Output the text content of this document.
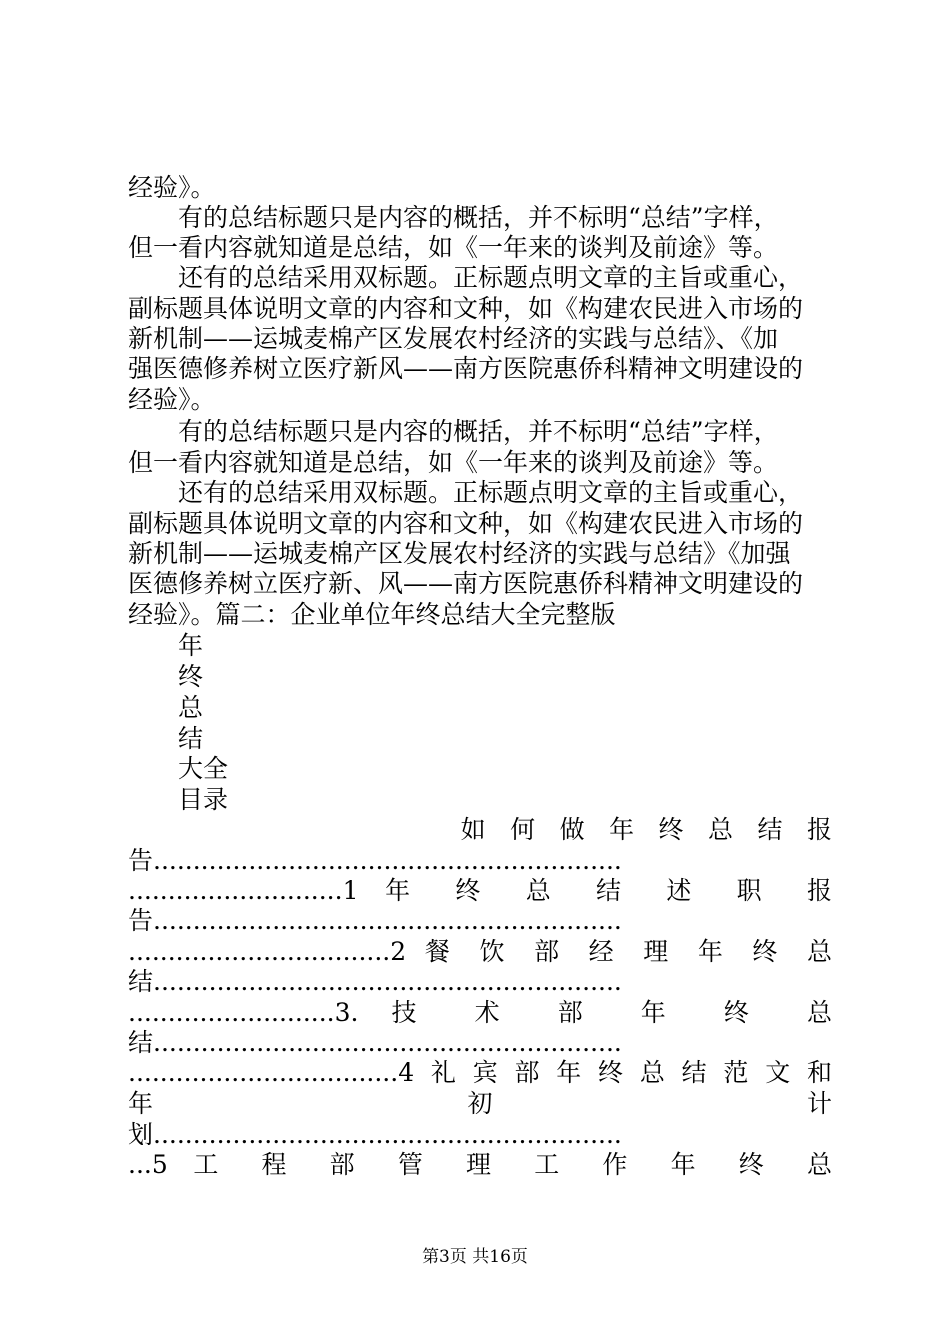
经验》。
　　有的总结标题只是内容的概括，并不标明“总结”字样，
但一看内容就知道是总结，如《一年来的谈判及前途》等。
　　还有的总结采用双标题。正标题点明文章的主旨或重心，
副标题具体说明文章的内容和文种，如《构建农民进入市场的
新机制——运城麦棉产区发展农村经济的实践与总结》、《加
强医德修养树立医疗新风——南方医院惠侨科精神文明建设的
经验》。
　　有的总结标题只是内容的概括，并不标明“总结”字样，
但一看内容就知道是总结，如《一年来的谈判及前途》等。
　　还有的总结采用双标题。正标题点明文章的主旨或重心，
副标题具体说明文章的内容和文种，如《构建农民进入市场的
新机制——运城麦棉产区发展农村经济的实践与总结》《加强
医德修养树立医疗新、风——南方医院惠侨科精神文明建设的
经验》。篇二：企业单位年终总结大全完整版
　　年
　　终
　　总
　　结
　　大全
　　目录
　　　　　　　　　　如 何 做 年 终 总 结 报
告...........................................................
...........................1 年 终 总 结 述 职 报
告...........................................................
.................................2 餐 饮 部 经 理 年 终 总
结...........................................................
..........................3. 技 术 部 年 终 总
结...........................................................
..................................4礼宾部年终总结范文和
年 初 计
划...........................................................
...5 工 程 部 管 理 工 作 年 终 总
第3页 共16页
